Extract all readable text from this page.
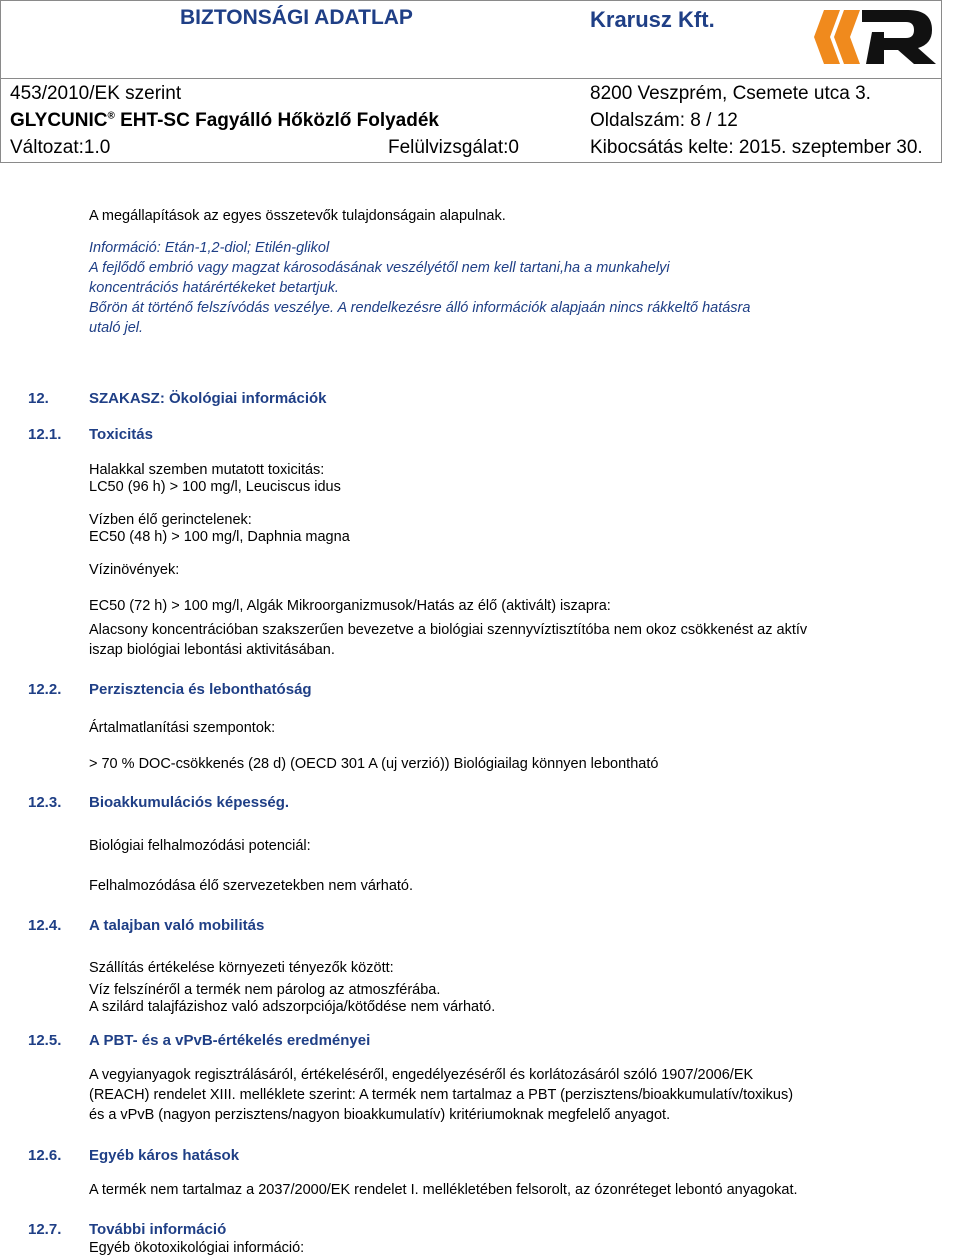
BIZTONSÁGI ADATLAP	Krarusz Kft.
453/2010/EK szerint	8200 Veszprém, Csemete utca 3.
GLYCUNIC® EHT-SC Fagyálló Hőközlő Folyadék	Oldalszám: 8 / 12
Változat:1.0	Felülvizsgálat:0	Kibocsátás kelte: 2015. szeptember 30.
A megállapítások az egyes összetevők tulajdonságain alapulnak.
Információ: Etán-1,2-diol; Etilén-glikol
A fejlődő embrió vagy magzat károsodásának veszélyétől nem kell tartani,ha a munkahelyi
koncentrációs határértékeket betartjuk.
Bőrön át történő felszívódás veszélye. A rendelkezésre álló információk alapjaán nincs rákkeltő hatásra
utaló jel.
12.	SZAKASZ: Ökológiai információk
12.1. Toxicitás
Halakkal szemben mutatott toxicitás:
LC50 (96 h) > 100 mg/l, Leuciscus idus
Vízben élő gerinctelenek:
EC50 (48 h) > 100 mg/l, Daphnia magna
Vízinövények:
EC50 (72 h) > 100 mg/l, Algák Mikroorganizmusok/Hatás az élő (aktivált) iszapra:
Alacsony koncentrációban szakszerűen bevezetve a biológiai szennyvíztisztítóba nem okoz csökkenést az aktív
iszap biológiai lebontási aktivitásában.
12.2. Perzisztencia és lebonthatóság
Ártalmatlanítási szempontok:
> 70 % DOC-csökkenés (28 d) (OECD 301 A (uj verzió)) Biológiailag könnyen lebontható
12.3. Bioakkumulációs képesség.
Biológiai felhalmozódási potenciál:
Felhalmozódása élő szervezetekben nem várható.
12.4. A talajban való mobilitás
Szállítás értékelése környezeti tényezők között:
Víz felszínéről a termék nem párolog az atmoszférába.
A szilárd talajfázishoz való adszorpciója/kötődése nem várható.
12.5. A PBT- és a vPvB-értékelés eredményei
A vegyianyagok regisztrálásáról, értékeléséről, engedélyezéséről és korlátozásáról szóló 1907/2006/EK
(REACH) rendelet XIII. melléklete szerint: A termék nem tartalmaz a PBT (perzisztens/bioakkumulatív/toxikus)
és a vPvB (nagyon perzisztens/nagyon bioakkumulatív) kritériumoknak megfelelő anyagot.
12.6. Egyéb káros hatások
A termék nem tartalmaz a 2037/2000/EK rendelet I. mellékletében felsorolt, az ózonréteget lebontó anyagokat.
12.7. További információ
Egyéb ökotoxikológiai információ:
